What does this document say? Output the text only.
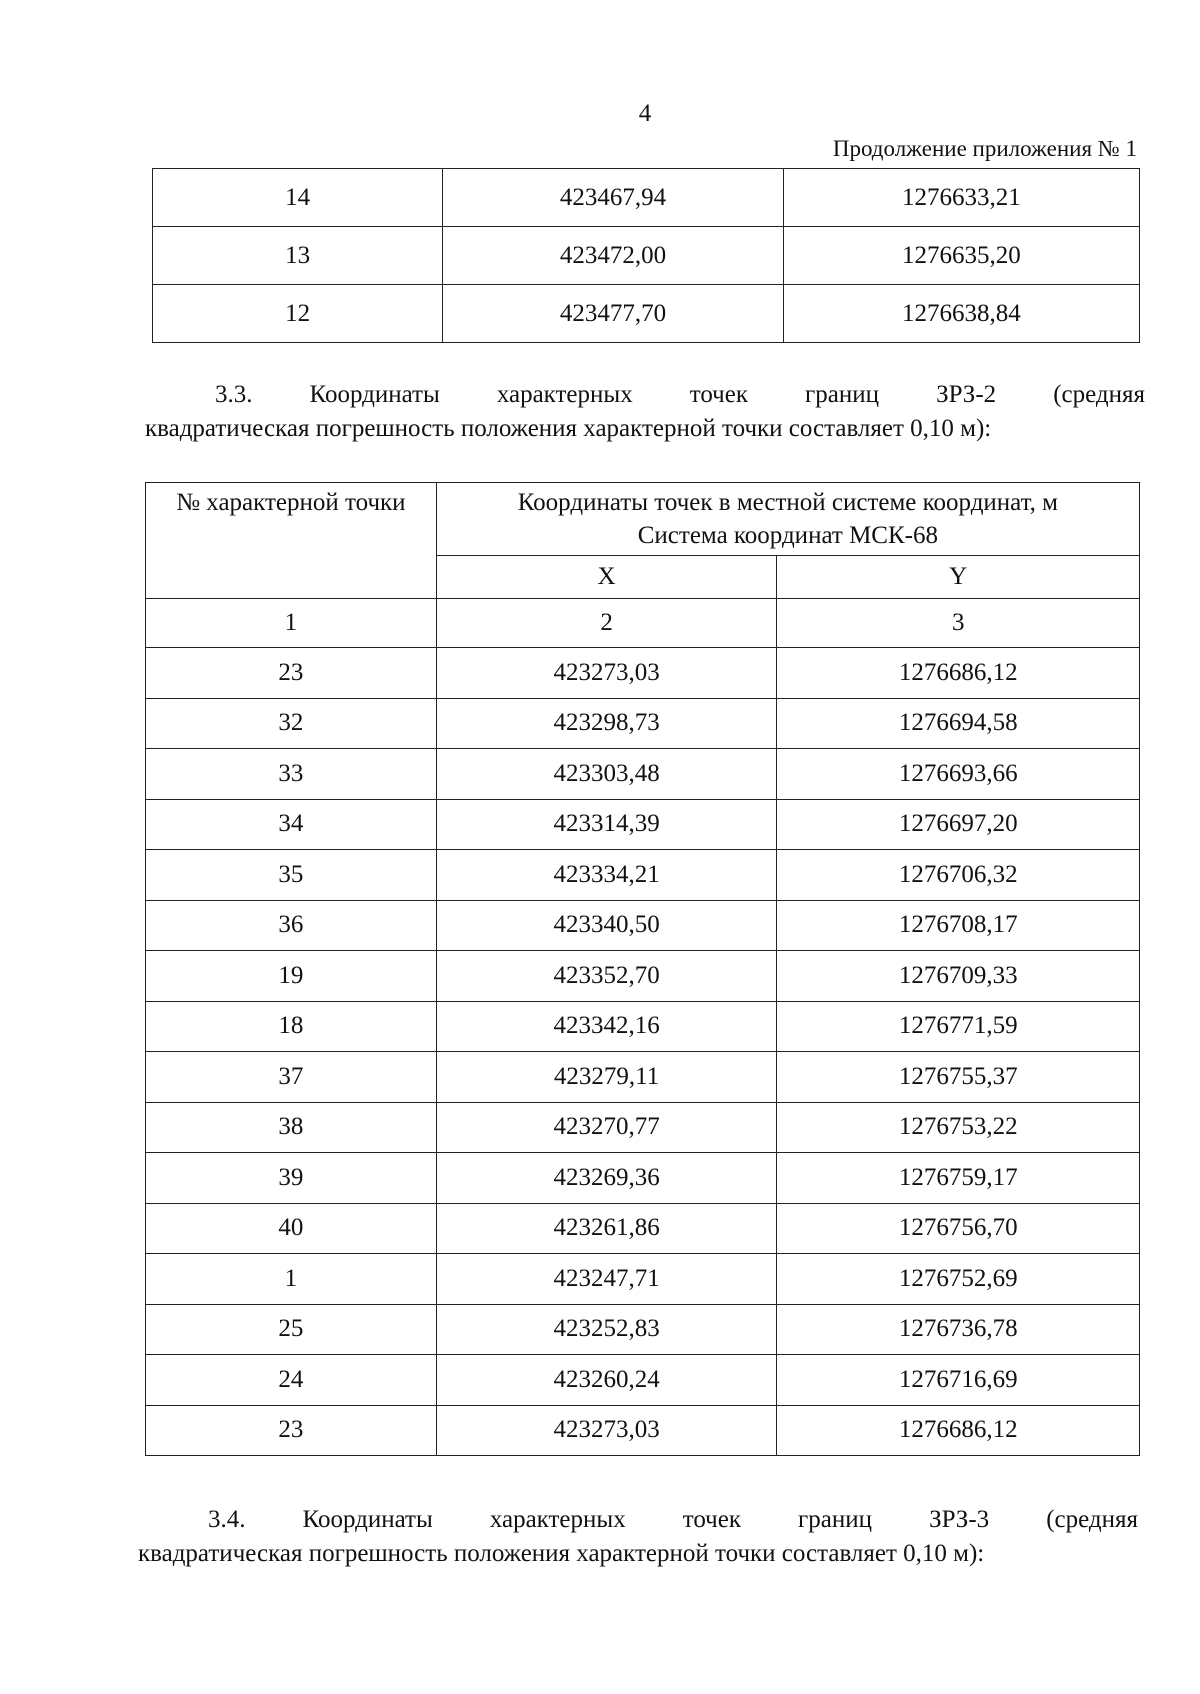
4
Продолжение приложения № 1
14	423467,94	1276633,21
13	423472,00	1276635,20
12	423477,70	1276638,84
3.3. Координаты характерных точек границ ЗРЗ-2 (средняя
квадратическая погрешность положения характерной точки составляет 0,10 м):
№ характерной точки	Координаты точек в местной системе координат, м
Система координат МСК-68	
	X	Y
1	2	3
23	423273,03	1276686,12
32	423298,73	1276694,58
33	423303,48	1276693,66
34	423314,39	1276697,20
35	423334,21	1276706,32
36	423340,50	1276708,17
19	423352,70	1276709,33
18	423342,16	1276771,59
37	423279,11	1276755,37
38	423270,77	1276753,22
39	423269,36	1276759,17
40	423261,86	1276756,70
1	423247,71	1276752,69
25	423252,83	1276736,78
24	423260,24	1276716,69
23	423273,03	1276686,12
3.4. Координаты характерных точек границ ЗРЗ-3 (средняя
квадратическая погрешность положения характерной точки составляет 0,10 м):
